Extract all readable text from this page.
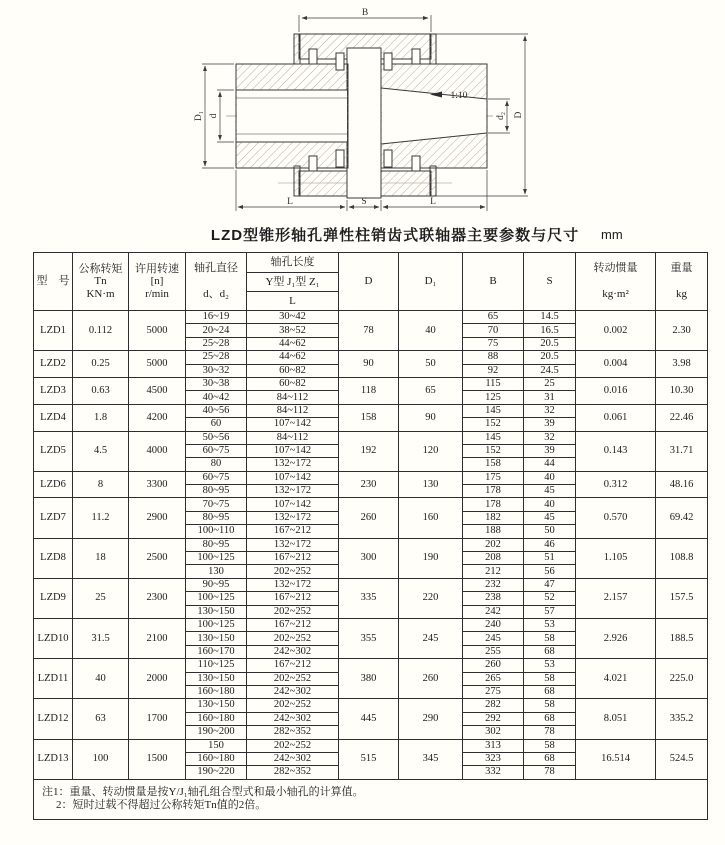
1:10
B
D
d₂
D₁ d
L	S	L
LZD型锥形轴孔弹性柱销齿式联轴器主要参数与尺寸	mm
型　号	
公称转矩
Tn
KN·m

许用转速
[n]
r/min

轴孔直径
d、d₂
	轴孔长度	D	D₁	B	S	
转动惯量
kg·m²

重量
kg

				Y型 J₁型 Z₁						
				L						
LZD1	0.112	5000	16~19	30~42	78	40	65	14.5	0.002	2.30
			20~24	38~52			70	16.5		
			25~28	44~62			75	20.5		
LZD2	0.25	5000	25~28	44~62	90	50	88	20.5	0.004	3.98
			30~32	60~82			92	24.5		
LZD3	0.63	4500	30~38	60~82	118	65	115	25	0.016	10.30
			40~42	84~112			125	31		
LZD4	1.8	4200	40~56	84~112	158	90	145	32	0.061	22.46
			60	107~142			152	39		
LZD5	4.5	4000	50~56	84~112	192	120	145	32	0.143	31.71
			60~75	107~142			152	39		
			80	132~172			158	44		
LZD6	8	3300	60~75	107~142	230	130	175	40	0.312	48.16
			80~95	132~172			178	45		
LZD7	11.2	2900	70~75	107~142	260	160	178	40	0.570	69.42
			80~95	132~172			182	45		
			100~110	167~212			188	50		
LZD8	18	2500	80~95	132~172	300	190	202	46	1.105	108.8
			100~125	167~212			208	51		
			130	202~252			212	56		
LZD9	25	2300	90~95	132~172	335	220	232	47	2.157	157.5
			100~125	167~212			238	52		
			130~150	202~252			242	57		
LZD10	31.5	2100	100~125	167~212	355	245	240	53	2.926	188.5
			130~150	202~252			245	58		
			160~170	242~302			255	68		
LZD11	40	2000	110~125	167~212	380	260	260	53	4.021	225.0
			130~150	202~252			265	58		
			160~180	242~302			275	68		
LZD12	63	1700	130~150	202~252	445	290	282	58	8.051	335.2
			160~180	242~302			292	68		
			190~200	282~352			302	78		
LZD13	100	1500	150	202~252	515	345	313	58	16.514	524.5
			160~180	242~302			323	68		
			190~220	282~352			332	78		

注1：重量、转动惯量是按Y/J₁轴孔组合型式和最小轴孔的计算值。
2：短时过载不得超过公称转矩Tn值的2倍。										
